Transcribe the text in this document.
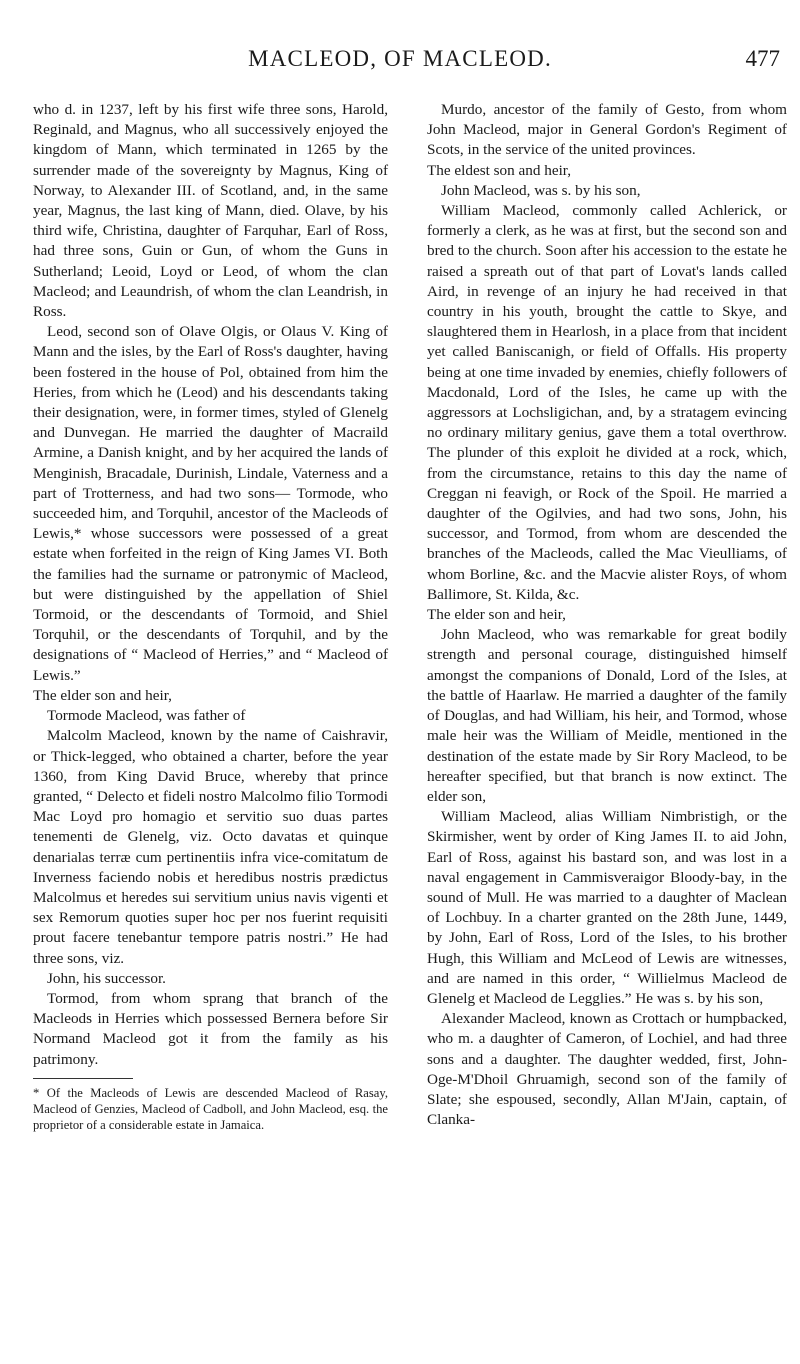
MACLEOD, OF MACLEOD.	477

who d. in 1237, left by his first wife three sons, Harold, Reginald, and Magnus, who all successively enjoyed the kingdom of Mann, which terminated in 1265 by the surrender made of the sovereignty by Magnus, King of Norway, to Alexander III. of Scotland, and, in the same year, Magnus, the last king of Mann, died. Olave, by his third wife, Christina, daughter of Farquhar, Earl of Ross, had three sons, Guin or Gun, of whom the Guns in Sutherland; Leoid, Loyd or Leod, of whom the clan Macleod; and Leaundrish, of whom the clan Leandrish, in Ross.

Leod, second son of Olave Olgis, or Olaus V. King of Mann and the isles, by the Earl of Ross's daughter, having been fostered in the house of Pol, obtained from him the Heries, from which he (Leod) and his descendants taking their designation, were, in former times, styled of Glenelg and Dunvegan. He married the daughter of Macraild Armine, a Danish knight, and by her acquired the lands of Menginish, Bracadale, Durinish, Lindale, Vaterness and a part of Trotterness, and had two sons— Tormode, who succeeded him, and Torquhil, ancestor of the Macleods of Lewis,* whose successors were possessed of a great estate when forfeited in the reign of King James VI. Both the families had the surname or patronymic of Macleod, but were distinguished by the appellation of Shiel Tormoid, or the descendants of Tormoid, and Shiel Torquhil, or the descendants of Torquhil, and by the designations of “ Macleod of Herries,” and “ Macleod of Lewis.”

The elder son and heir,

Tormode Macleod, was father of

Malcolm Macleod, known by the name of Caishravir, or Thick-legged, who obtained a charter, before the year 1360, from King David Bruce, whereby that prince granted, “ Delecto et fideli nostro Malcolmo filio Tormodi Mac Loyd pro homagio et servitio suo duas partes tenementi de Glenelg, viz. Octo davatas et quinque denarialas terræ cum pertinentiis infra vice-comitatum de Inverness faciendo nobis et heredibus nostris prædictus Malcolmus et heredes sui servitium unius navis vigenti et sex Remorum quoties super hoc per nos fuerint requisiti prout facere tenebantur tempore patris nostri.” He had three sons, viz.

John, his successor.

Tormod, from whom sprang that branch of the Macleods in Herries which possessed Bernera before Sir Normand Macleod got it from the family as his patrimony.

* Of the Macleods of Lewis are descended Macleod of Rasay, Macleod of Genzies, Macleod of Cadboll, and John Macleod, esq. the proprietor of a considerable estate in Jamaica.

Murdo, ancestor of the family of Gesto, from whom John Macleod, major in General Gordon's Regiment of Scots, in the service of the united provinces.

The eldest son and heir,

John Macleod, was s. by his son,

William Macleod, commonly called Achlerick, or formerly a clerk, as he was at first, but the second son and bred to the church. Soon after his accession to the estate he raised a spreath out of that part of Lovat's lands called Aird, in revenge of an injury he had received in that country in his youth, brought the cattle to Skye, and slaughtered them in Hearlosh, in a place from that incident yet called Baniscanigh, or field of Offalls. His property being at one time invaded by enemies, chiefly followers of Macdonald, Lord of the Isles, he came up with the aggressors at Lochsligichan, and, by a stratagem evincing no ordinary military genius, gave them a total overthrow. The plunder of this exploit he divided at a rock, which, from the circumstance, retains to this day the name of Creggan ni feavigh, or Rock of the Spoil. He married a daughter of the Ogilvies, and had two sons, John, his successor, and Tormod, from whom are descended the branches of the Macleods, called the Mac Vieulliams, of whom Borline, &c. and the Macvie alister Roys, of whom Ballimore, St. Kilda, &c.

The elder son and heir,

John Macleod, who was remarkable for great bodily strength and personal courage, distinguished himself amongst the companions of Donald, Lord of the Isles, at the battle of Haarlaw. He married a daughter of the family of Douglas, and had William, his heir, and Tormod, whose male heir was the William of Meidle, mentioned in the destination of the estate made by Sir Rory Macleod, to be hereafter specified, but that branch is now extinct. The elder son,

William Macleod, alias William Nimbristigh, or the Skirmisher, went by order of King James II. to aid John, Earl of Ross, against his bastard son, and was lost in a naval engagement in Cammisveraigor Bloody-bay, in the sound of Mull. He was married to a daughter of Maclean of Lochbuy. In a charter granted on the 28th June, 1449, by John, Earl of Ross, Lord of the Isles, to his brother Hugh, this William and McLeod of Lewis are witnesses, and are named in this order, “ Willielmus Macleod de Glenelg et Macleod de Legglies.” He was s. by his son,

Alexander Macleod, known as Crottach or humpbacked, who m. a daughter of Cameron, of Lochiel, and had three sons and a daughter. The daughter wedded, first, John-Oge-M'Dhoil Ghruamigh, second son of the family of Slate; she espoused, secondly, Allan M'Jain, captain, of Clanka-
